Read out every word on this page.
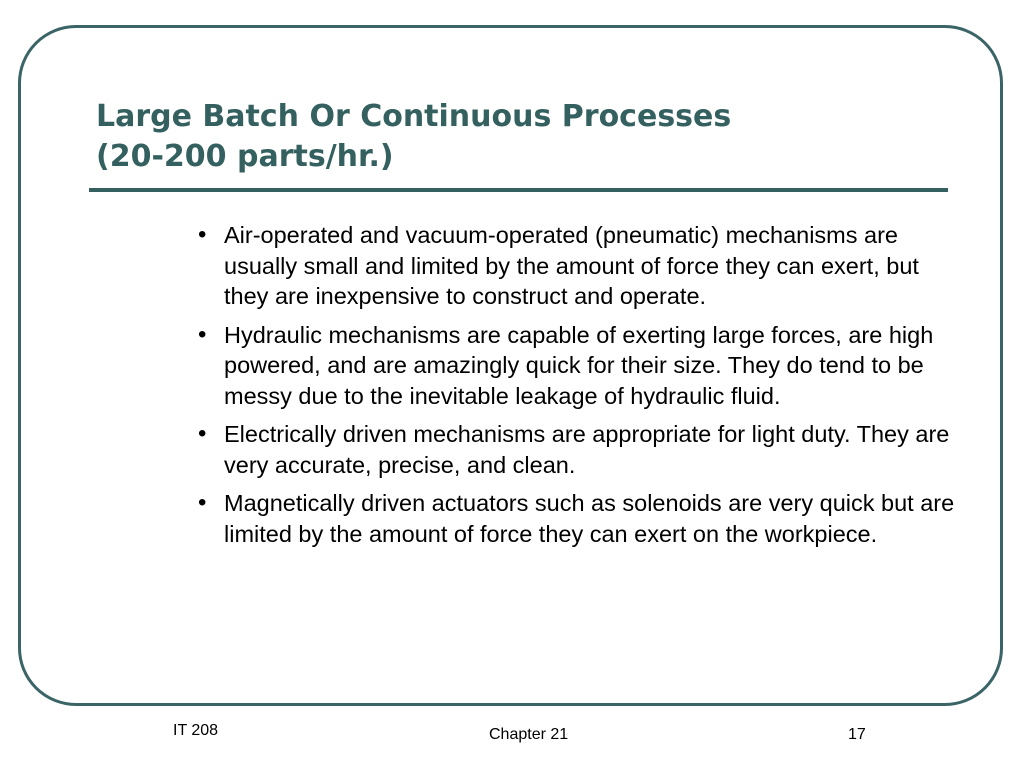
Large Batch Or Continuous Processes
(20-200 parts/hr.)
• Air-operated and vacuum-operated (pneumatic) mechanisms are usually small and limited by the amount of force they can exert, but they are inexpensive to construct and operate.
• Hydraulic mechanisms are capable of exerting large forces, are high powered, and are amazingly quick for their size. They do tend to be messy due to the inevitable leakage of hydraulic fluid.
• Electrically driven mechanisms are appropriate for light duty. They are very accurate, precise, and clean.
• Magnetically driven actuators such as solenoids are very quick but are limited by the amount of force they can exert on the workpiece.
IT 208	Chapter 21	17
